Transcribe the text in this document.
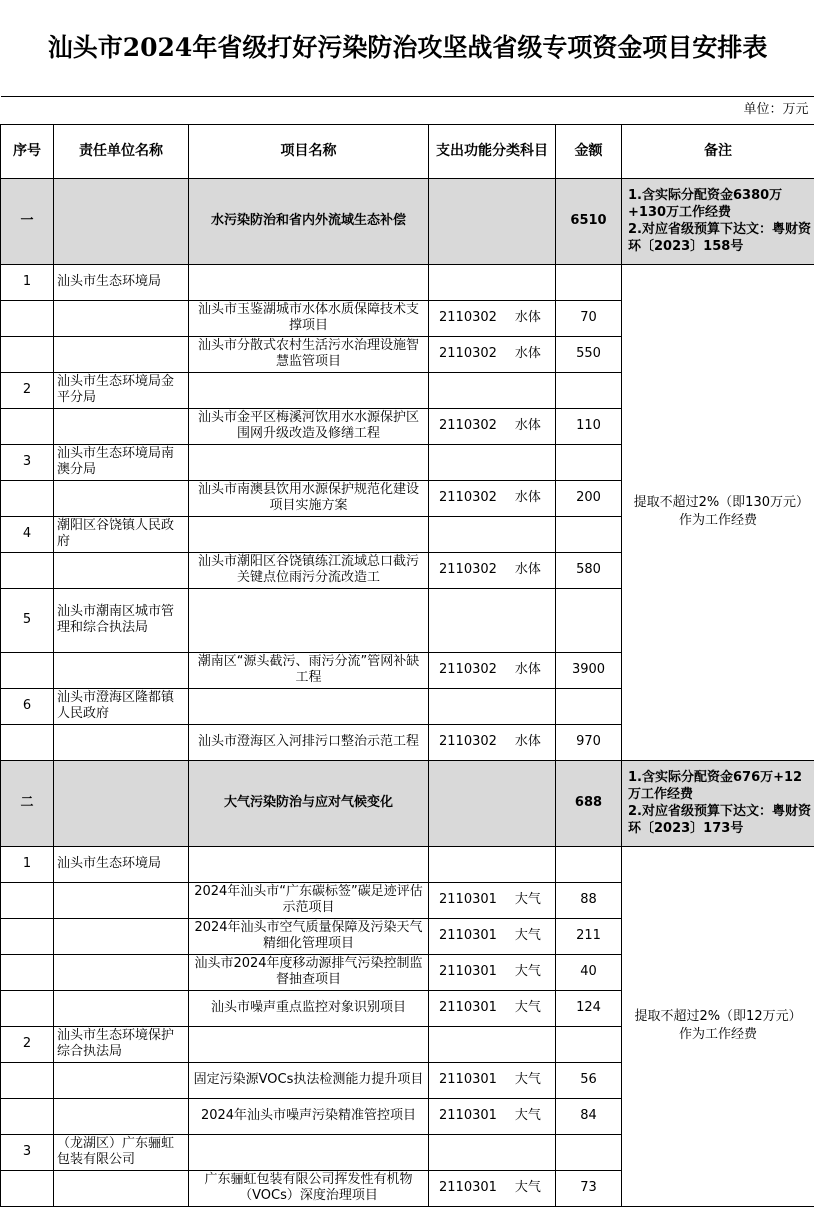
汕头市2024年省级打好污染防治攻坚战省级专项资金项目安排表					
单位：万元					
序号	责任单位名称	项目名称	支出功能分类科目	金额	备注
一		水污染防治和省内外流域生态补偿		6510	1.含实际分配资金6380万+130万工作经费
2.对应省级预算下达文：粤财资环〔2023〕158号
1	汕头市生态环境局				提取不超过2%（即130万元）作为工作经费
		汕头市玉鉴湖城市水体水质保障技术支撑项目	2110302 水体	70	
		汕头市分散式农村生活污水治理设施智慧监管项目	2110302 水体	550	
2	汕头市生态环境局金平分局				
		汕头市金平区梅溪河饮用水水源保护区围网升级改造及修缮工程	2110302 水体	110	
3	汕头市生态环境局南澳分局				
		汕头市南澳县饮用水源保护规范化建设项目实施方案	2110302 水体	200	
4	潮阳区谷饶镇人民政府				
		汕头市潮阳区谷饶镇练江流域总口截污关键点位雨污分流改造工	2110302 水体	580	
5	汕头市潮南区城市管理和综合执法局				
		潮南区“源头截污、雨污分流”管网补缺工程	2110302 水体	3900	
6	汕头市澄海区隆都镇人民政府				
		汕头市澄海区入河排污口整治示范工程	2110302 水体	970	
二		大气污染防治与应对气候变化		688	1.含实际分配资金676万+12万工作经费
2.对应省级预算下达文：粤财资环〔2023〕173号
1	汕头市生态环境局				提取不超过2%（即12万元）作为工作经费
		2024年汕头市“广东碳标签”碳足迹评估示范项目	2110301 大气	88	
		2024年汕头市空气质量保障及污染天气精细化管理项目	2110301 大气	211	
		汕头市2024年度移动源排气污染控制监督抽查项目	2110301 大气	40	
		汕头市噪声重点监控对象识别项目	2110301 大气	124	
2	汕头市生态环境保护综合执法局				
		固定污染源VOCs执法检测能力提升项目	2110301 大气	56	
		2024年汕头市噪声污染精准管控项目	2110301 大气	84	
3	（龙湖区）广东骊虹包装有限公司				
		广东骊虹包装有限公司挥发性有机物（VOCs）深度治理项目	2110301 大气	73	
